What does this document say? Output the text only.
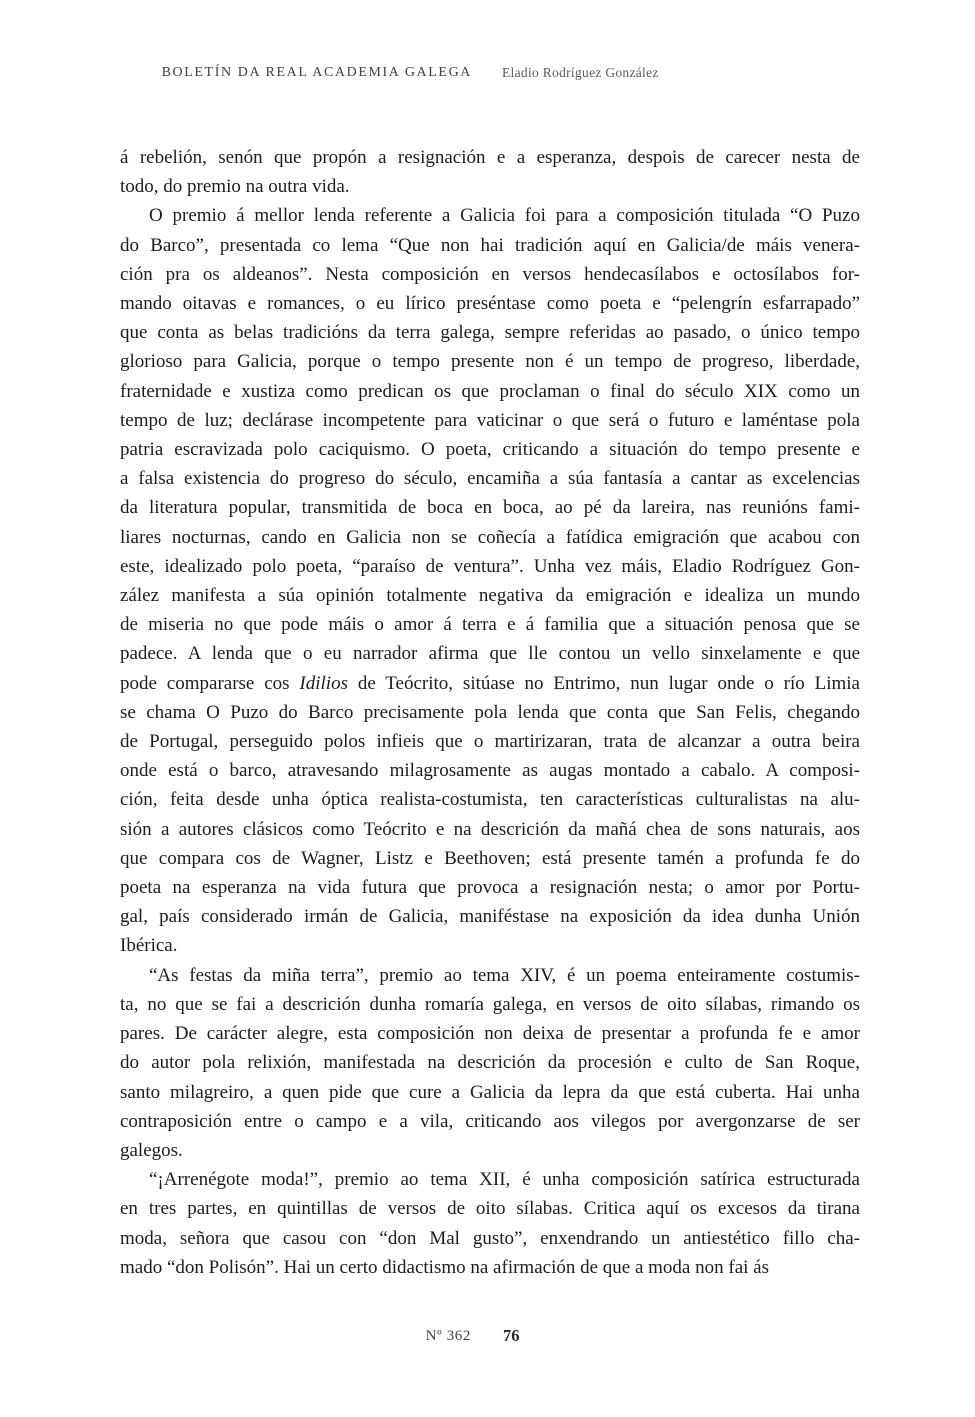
BOLETÍN DA REAL ACADEMIA GALEGA	Eladio Rodríguez González
á rebelión, senón que propón a resignación e a esperanza, despois de carecer nesta de
todo, do premio na outra vida.
O premio á mellor lenda referente a Galicia foi para a composición titulada “O Puzo
do Barco”, presentada co lema “Que non hai tradición aquí en Galicia/de máis venera-
ción pra os aldeanos”. Nesta composición en versos hendecasílabos e octosílabos for-
mando oitavas e romances, o eu lírico preséntase como poeta e “pelengrín esfarrapado”
que conta as belas tradicións da terra galega, sempre referidas ao pasado, o único tempo
glorioso para Galicia, porque o tempo presente non é un tempo de progreso, liberdade,
fraternidade e xustiza como predican os que proclaman o final do século XIX como un
tempo de luz; declárase incompetente para vaticinar o que será o futuro e laméntase pola
patria escravizada polo caciquismo. O poeta, criticando a situación do tempo presente e
a falsa existencia do progreso do século, encamiña a súa fantasía a cantar as excelencias
da literatura popular, transmitida de boca en boca, ao pé da lareira, nas reunións fami-
liares nocturnas, cando en Galicia non se coñecía a fatídica emigración que acabou con
este, idealizado polo poeta, “paraíso de ventura”. Unha vez máis, Eladio Rodríguez Gon-
zález manifesta a súa opinión totalmente negativa da emigración e idealiza un mundo
de miseria no que pode máis o amor á terra e á familia que a situación penosa que se
padece. A lenda que o eu narrador afirma que lle contou un vello sinxelamente e que
pode compararse cos Idilios de Teócrito, sitúase no Entrimo, nun lugar onde o río Limia
se chama O Puzo do Barco precisamente pola lenda que conta que San Felis, chegando
de Portugal, perseguido polos infieis que o martirizaran, trata de alcanzar a outra beira
onde está o barco, atravesando milagrosamente as augas montado a cabalo. A composi-
ción, feita desde unha óptica realista-costumista, ten características culturalistas na alu-
sión a autores clásicos como Teócrito e na descrición da mañá chea de sons naturais, aos
que compara cos de Wagner, Listz e Beethoven; está presente tamén a profunda fe do
poeta na esperanza na vida futura que provoca a resignación nesta; o amor por Portu-
gal, país considerado irmán de Galicia, maniféstase na exposición da idea dunha Unión
Ibérica.
“As festas da miña terra”, premio ao tema XIV, é un poema enteiramente costumis-
ta, no que se fai a descrición dunha romaría galega, en versos de oito sílabas, rimando os
pares. De carácter alegre, esta composición non deixa de presentar a profunda fe e amor
do autor pola relixión, manifestada na descrición da procesión e culto de San Roque,
santo milagreiro, a quen pide que cure a Galicia da lepra da que está cuberta. Hai unha
contraposición entre o campo e a vila, criticando aos vilegos por avergonzarse de ser
galegos.
“¡Arrenégote moda!”, premio ao tema XII, é unha composición satírica estructurada
en tres partes, en quintillas de versos de oito sílabas. Critica aquí os excesos da tirana
moda, señora que casou con “don Mal gusto”, enxendrando un antiestético fillo cha-
mado “don Polisón”. Hai un certo didactismo na afirmación de que a moda non fai ás
Nº 362	76
